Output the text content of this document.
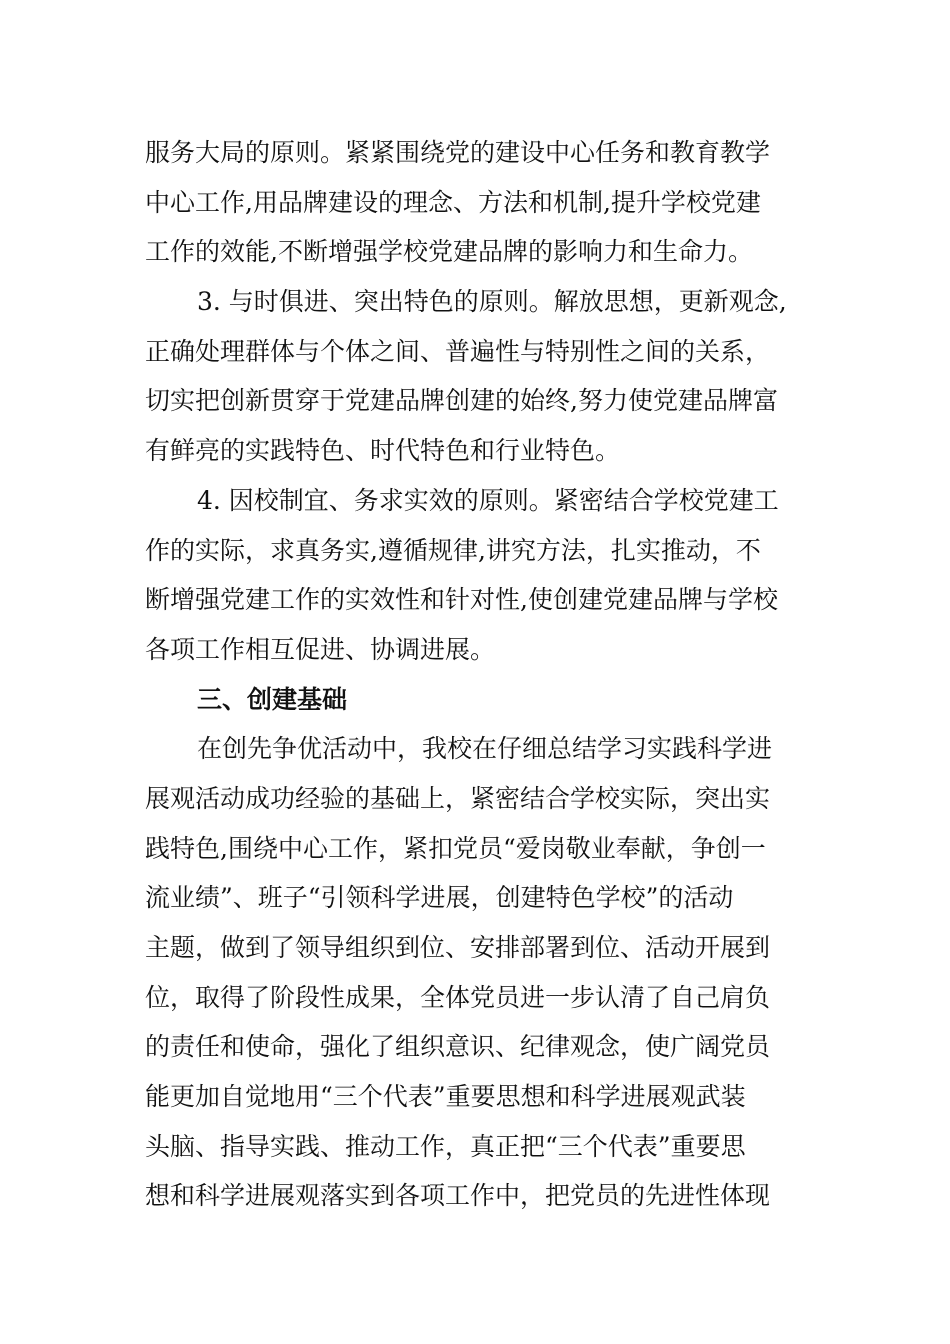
服务大局的原则。紧紧围绕党的建设中心任务和教育教学
中心工作,用品牌建设的理念、方法和机制,提升学校党建
工作的效能,不断增强学校党建品牌的影响力和生命力。
3. 与时俱进、突出特色的原则。解放思想，更新观念,
正确处理群体与个体之间、普遍性与特别性之间的关系，
切实把创新贯穿于党建品牌创建的始终,努力使党建品牌富
有鲜亮的实践特色、时代特色和行业特色。
4. 因校制宜、务求实效的原则。紧密结合学校党建工
作的实际，求真务实,遵循规律,讲究方法，扎实推动，不
断增强党建工作的实效性和针对性,使创建党建品牌与学校
各项工作相互促进、协调进展。
三、创建基础
在创先争优活动中，我校在仔细总结学习实践科学进
展观活动成功经验的基础上，紧密结合学校实际，突出实
践特色,围绕中心工作，紧扣党员“爱岗敬业奉献，争创一
流业绩”、班子“引领科学进展，创建特色学校”的活动
主题，做到了领导组织到位、安排部署到位、活动开展到
位，取得了阶段性成果，全体党员进一步认清了自己肩负
的责任和使命，强化了组织意识、纪律观念，使广阔党员
能更加自觉地用“三个代表”重要思想和科学进展观武装
头脑、指导实践、推动工作，真正把“三个代表”重要思
想和科学进展观落实到各项工作中，把党员的先进性体现
